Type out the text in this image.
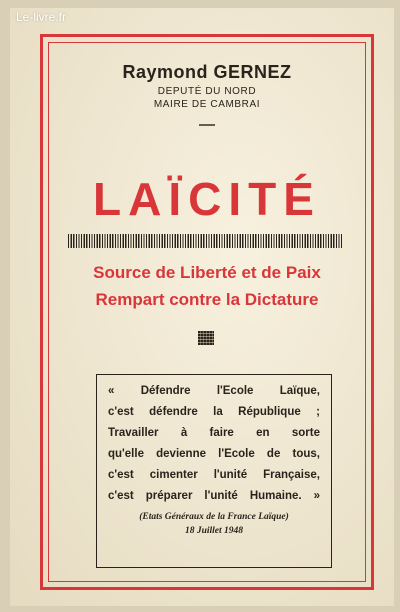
Le-livre.fr
Raymond GERNEZ
DEPUTÉ DU NORD
MAIRE DE CAMBRAI
LAÏCITÉ
Source de Liberté et de Paix
Rempart contre la Dictature
« Défendre l'Ecole Laïque,
c'est défendre la République ;
Travailler à faire en sorte
qu'elle devienne l'Ecole de tous,
c'est cimenter l'unité Française,
c'est préparer l'unité Humaine. »
(Etats Généraux de la France Laïque)
18 Juillet 1948
